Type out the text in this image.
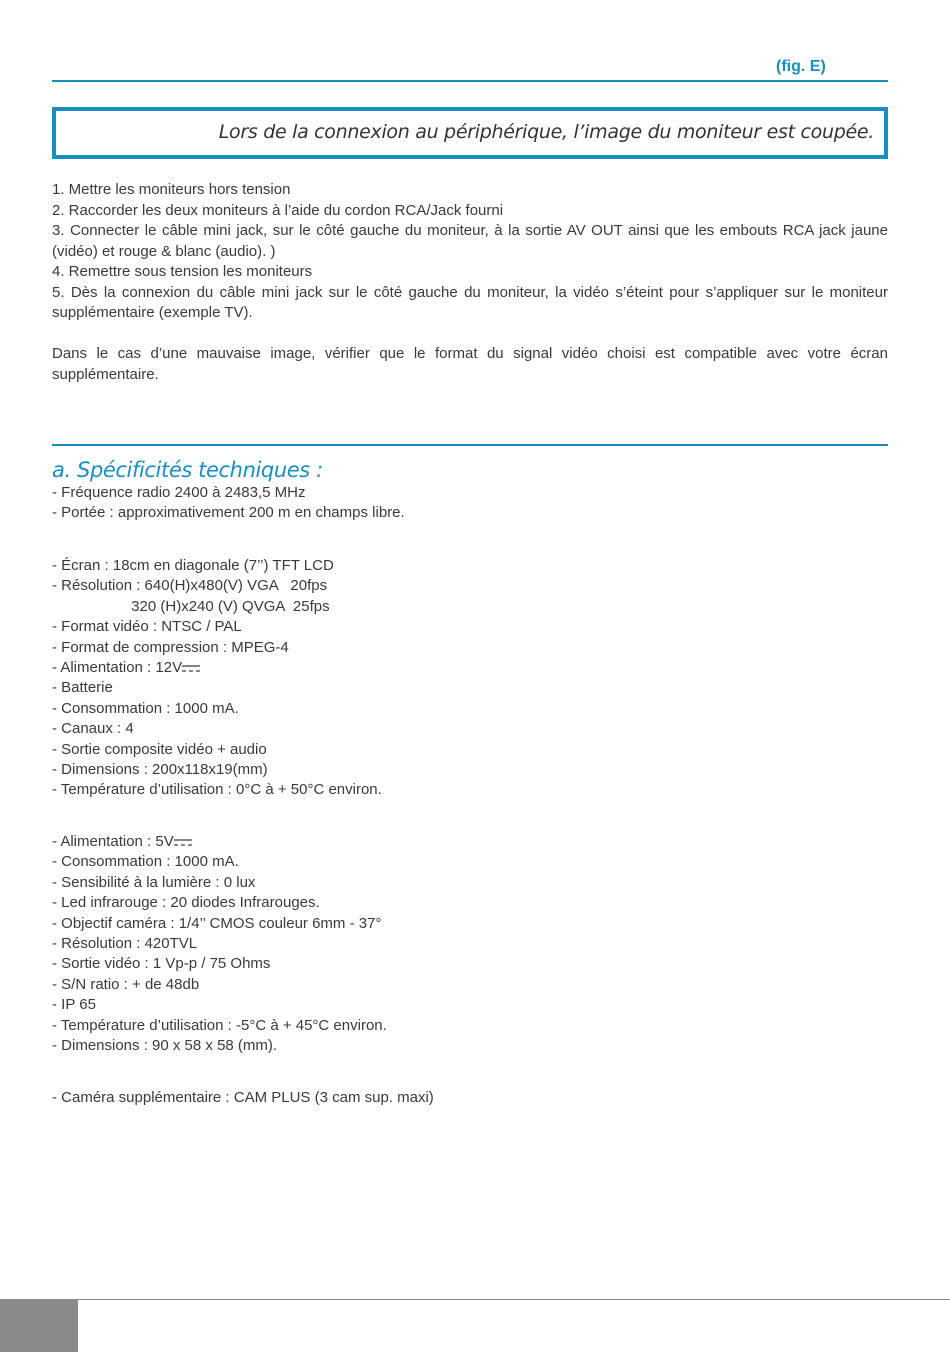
(fig. E)
Lors de la connexion au périphérique, l’image du moniteur est coupée.

1. Mettre les moniteurs hors tension

2. Raccorder les deux moniteurs à l’aide du cordon RCA/Jack fourni

3. Connecter le câble mini jack, sur le côté gauche du moniteur, à la sortie AV OUT ainsi que les embouts RCA jack jaune (vidéo) et rouge & blanc (audio). )

4. Remettre sous tension les moniteurs

5. Dès la connexion du câble mini jack sur le côté gauche du moniteur, la vidéo s’éteint pour s’appliquer sur le moniteur supplémentaire (exemple TV).

Dans le cas d’une mauvaise image, vérifier que le format du signal vidéo choisi est compatible avec votre écran supplémentaire.

a. Spécificités techniques :
- Fréquence radio 2400 à 2483,5 MHz
- Portée : approximativement 200 m en champs libre.
- Écran : 18cm en diagonale (7’’) TFT LCD
- Résolution : 640(H)x480(V) VGA   20fps
320 (H)x240 (V) QVGA  25fps
- Format vidéo : NTSC / PAL
- Format de compression : MPEG-4
- Alimentation : 12V
- Batterie
- Consommation : 1000 mA.
- Canaux : 4
- Sortie composite vidéo + audio
- Dimensions : 200x118x19(mm)
- Température d’utilisation : 0°C à + 50°C environ.
- Alimentation : 5V
- Consommation : 1000 mA.
- Sensibilité à la lumière : 0 lux
- Led infrarouge : 20 diodes Infrarouges.
- Objectif caméra : 1/4’’ CMOS couleur 6mm - 37°
- Résolution : 420TVL
- Sortie vidéo : 1 Vp-p / 75 Ohms
- S/N ratio : + de 48db
- IP 65
- Température d’utilisation : -5°C à + 45°C environ.
- Dimensions : 90 x 58 x 58 (mm).
- Caméra supplémentaire : CAM PLUS (3 cam sup. maxi)
